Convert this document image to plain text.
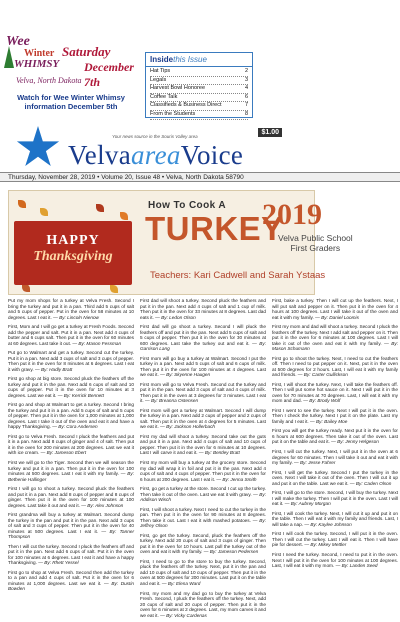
Wee
Winter
WHIMSY
Saturday
December 7th
Velva, North Dakota
Watch for Wee Winter Whimsy information December 5th
Insidethis Issue
Hat Tips	2
Legals	3
Harvest Bowl Honoree	4
Coffee Talk	6
Classifieds & Business Direct	7
From the Students	8
Your news source in the Souris Valley area
$1.00
VelvaareaVoice
Thursday, November 28, 2019 • Volume 20, Issue 48 • Velva, North Dakota 58790
HAPPY
Thanksgiving
How To Cook A
TURKEY
2019
Velva Public School
First Graders
Teachers: Kari Cadwell and Sarah Ystaas
Put my mom shops for a turkey at Velva Fresh. Second I bring the turkey and put it in a pan. Third add 5 cups of salt and 5 cups of pepper. Put in the oven for 58 minutes at 10 degrees. Last I eat it. — By: Lincoln Nienow
First, Mom and I will go get a turkey at Fresh Foods. Second add the pepper and salt. Put it in a pan. Next add 4 cups of butter and 6 cups salt. Then put it in the oven for 60 minutes at 60 degrees. Last take it out. — By: Mason Fessman
Put go to Walmart and get a turkey. Second cut the turkey. Put it in a pan. Next add 3 cups of salt and 3 cups of pepper. Then put it in the oven for 8 minutes at 6 degrees. Last I eat it with gravy. — By: Hadly Bratt
First go shop at big store. Second pluck the feathers off the turkey and put it in the pan. Next add 6 cups of salt and 10 cups of pepper. Put it in the oven for 10 minutes at 3 degrees. Last we eat it. — By: Kerrick Bennett
First go and shop at Walmart to get a turkey. Second I bring the turkey and put it in a pan. Add 5 cups of salt and 5 cups of pepper. Then put it in the oven for 1,000 minutes at 1,000 degrees. Last I take it out of the oven and eat it and have a happy Thanksgiving. — By: Cora Andersen
First go to Velva Fresh. Second I pluck the feathers and put it in a pan. Next add 8 cups of ginger and 4 of salt. Then put it in the oven for 200 minutes at 200 degrees. Last we eat it with ice cream. — By: Jameson Ebert
First we will go to the Tiger. Second then we will season the turkey and put it in a pan. Then put it in the oven for 100 minutes at 500 degrees. Last I eat it with my family. — By: Bethenie Hallinger
First I will go to shoot a turkey. Second pluck the feathers and put it in a pan. Next add 8 cups of pepper and 8 cups of ginger. Then put it in the oven for 100 minutes at 100 degrees. Last take it out and eat it. — By: Alex Johnson
First grandma will buy a turkey at Walmart. Second dump the turkey in the pan and put it in the pan. Next add 3 cups of salt and 3 cups of pepper. Then put it in the oven for 40 minutes at 500 degrees. Last I eat it. — By: Tanner Thompson
Then I will cut the turkey. Second I pluck the feathers off and put it in the pan. Next add 6 cups of salt. Put it in the oven for 100 minutes at 6 degrees. Last I eat it and have a happy Thanksgiving. — By: Rhett Yessel
First go to shop at Velva Fresh. Second then add the turkey to a pan and add 4 cups of salt. Put it in the oven for 6 minutes at 1,000 degrees. Last we eat it. — By: Dustin Bowden
First dad will shoot a turkey. Second pluck the feathers and put it in the pan. Next add 4 cups of salt and 1 cup of milk. Then put it in the oven for 33 minutes at 8 degrees. Last dad eats it. — By: Ledon Olson
First dad will go shoot a turkey. Second I will pluck the feathers off and put it in the pan. Next add 5 cups of salt and 5 cups of pepper. Then put it in the oven for 30 minutes at 600 degrees. Last take the turkey out and eat it. — By: Garrison Lang
First mom will go buy a turkey at Walmart. Second I put the turkey in a pan. Next add 5 cups of salt and 6 cups of milk. Then put it in the oven for 100 minutes at 4 degrees. Last we eat it. — By: Skyenne Haugen
First mom will go to Velva Fresh. Second cut the turkey and put it in the pan. Next add 3 cups of salt and 4 cups of milk. Then put it in the oven at 3 degrees for 3 minutes. Last I eat it. — By: Breanna Ostensen
First mom will get a turkey at Walmart. Second I will dump the turkey in a pan. Next add 2 cups of pepper and 2 cups of salt. Then put it in the oven at 4 degrees for 5 minutes. Last we eat it. — By: Jackson Hollerbach
First my dad will shoot a turkey. Second take out the guts and put it in a pan. Next add 4 cups of salt and 10 cups of pepper. Then put it in the oven for 6 minutes at 10 degrees. Last I will carve it and eat it. — By: Bentley Bratt
First my mom will buy a turkey at the grocery store. Second my dad will wrap it in foil and put it in the pan. Next add 4 cups of salt and 4 cups of pepper. Then put it in the oven for 6 hours at 200 degrees. Last I eat it. — By: Jenna Smith
First, go get a turkey at the store. Second I cut up the turkey. Then take it out of the oven. Last we eat it with gravy. — By: Addison Wisch
First, I will shoot a turkey. Next I need to cut the turkey in the pan. Then put it in the oven for 90 minutes at 8 degrees. Then take it out. Last I eat it with mashed potatoes. — By: Jeffrey Olson
First, go get the turkey. Second, pluck the feathers off the turkey. Next add 20 cups of salt and 3 cups of ginger. Then put it in the oven for 10 hours. Last pull the turkey out of the oven and eat it with my family. — By: Jameson Pedersen
First, I need to go to the store to buy the turkey. Second, pluck the feathers off the turkey. Next, put it in the pan and add 10 cups of salt and 10 cups of pepper. Then put it in the oven at 500 degrees for 200 minutes. Last put it on the table and eat it. — By: Elena Ward
First, my mom and my dad go to buy the turkey at Velva Fresh. Second, I pluck the feathers off the turkey. Next, add 20 cups of salt and 20 cups of pepper. Then put it in the oven for 6 minutes at 2 degrees. Last, my mom carves it and we eat it. — By: Vicky Cardenas
First, bake a turkey. Then I will cut up the feathers. Next, I will put salt and pepper on it. Then put it in the oven for 4 hours at 100 degrees. Last I will take it out of the oven and eat it with my family. — By: Daniel Loomis
First my mom and dad will shoot a turkey. Second I pluck the feathers off the turkey. Next I add salt and pepper on it. Then put it in the oven for 6 minutes at 100 degrees. Last I will take it out of the oven and eat it with my family. — By: Mason Schumann
First go to shoot the turkey. Next, I need to cut the feathers off. Then I need to put pepper on it. Next, put it in the oven at 500 degrees for 2 hours. Last, I will eat it with my family and friends. — By: Carter Gullickson
First, I will shoot the turkey. Next, I will take the feathers off. Then I will put some hot sauce on it. Next I will put it in the oven for 70 minutes at 70 degrees. Last, I will eat it with my mom and dad. — By: Brody Wolf
First I went to see the turkey. Next I will put it in the oven. Then I check the turkey. Next I put it on the plate. Last my family and I eat it. — By: Bailey Moe
First you will get the turkey ready. Next put it in the oven for 6 hours at 600 degrees. Then take it out of the oven. Last put it on the table and eat it. — By: Jenny Helgeson
First, I will cut the turkey. Next, I will put it in the oven at 6 degrees for 60 minutes. Then I will take it out and eat it with my family. — By: Jesse Fahrer
First, I will get the turkey. Second I put the turkey in the oven. Next I will take it out of the oven. Then I will cut it up and put it on the table. Last we eat it. — By: Caden Olson
First, I will go to the store. Second, I will buy the turkey. Next I will make the turkey. Then I will put it in the oven. Last I will eat it. — By: Aubrey Morgan
First, I will cook the turkey. Next, I will cut it up and put it on the table. Then I will eat it with my family and friends. Last, I will take a nap. — By: Kaylee Johnson
First I will cook the turkey. Second, I will put it in the oven. Then I will cut the turkey. Last I will eat it. Then I will have pie for dessert. — By: Mikey Mettler
First I need the turkey. Second, I need to put it in the oven. Next I will put it in the oven for 100 minutes at 100 degrees. Last, I will eat it with my mom. — By: Landen Seed
